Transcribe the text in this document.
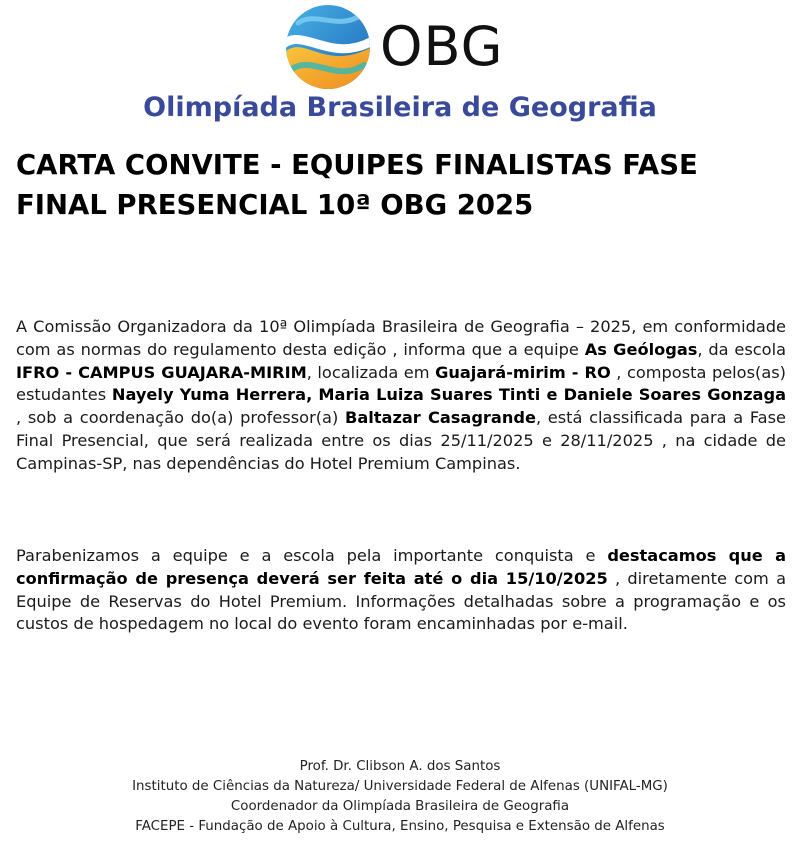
OBG
Olimpíada Brasileira de Geografia
CARTA CONVITE - EQUIPES FINALISTAS FASE
FINAL PRESENCIAL 10ª OBG 2025
A Comissão Organizadora da 10ª Olimpíada Brasileira de Geografia – 2025, em conformidade com as normas do regulamento desta edição , informa que a equipe As Geólogas, da escola IFRO - CAMPUS GUAJARA-MIRIM, localizada em Guajará-mirim - RO , composta pelos(as) estudantes Nayely Yuma Herrera, Maria Luiza Suares Tinti e Daniele Soares Gonzaga , sob a coordenação do(a) professor(a) Baltazar Casagrande, está classificada para a Fase Final Presencial, que será realizada entre os dias 25/11/2025 e 28/11/2025 , na cidade de Campinas-SP, nas dependências do Hotel Premium Campinas.
Parabenizamos a equipe e a escola pela importante conquista e destacamos que a confirmação de presença deverá ser feita até o dia 15/10/2025 , diretamente com a Equipe de Reservas do Hotel Premium. Informações detalhadas sobre a programação e os custos de hospedagem no local do evento foram encaminhadas por e-mail.
Prof. Dr. Clibson A. dos Santos
Instituto de Ciências da Natureza/ Universidade Federal de Alfenas (UNIFAL-MG)
Coordenador da Olimpíada Brasileira de Geografia
FACEPE - Fundação de Apoio à Cultura, Ensino, Pesquisa e Extensão de Alfenas
